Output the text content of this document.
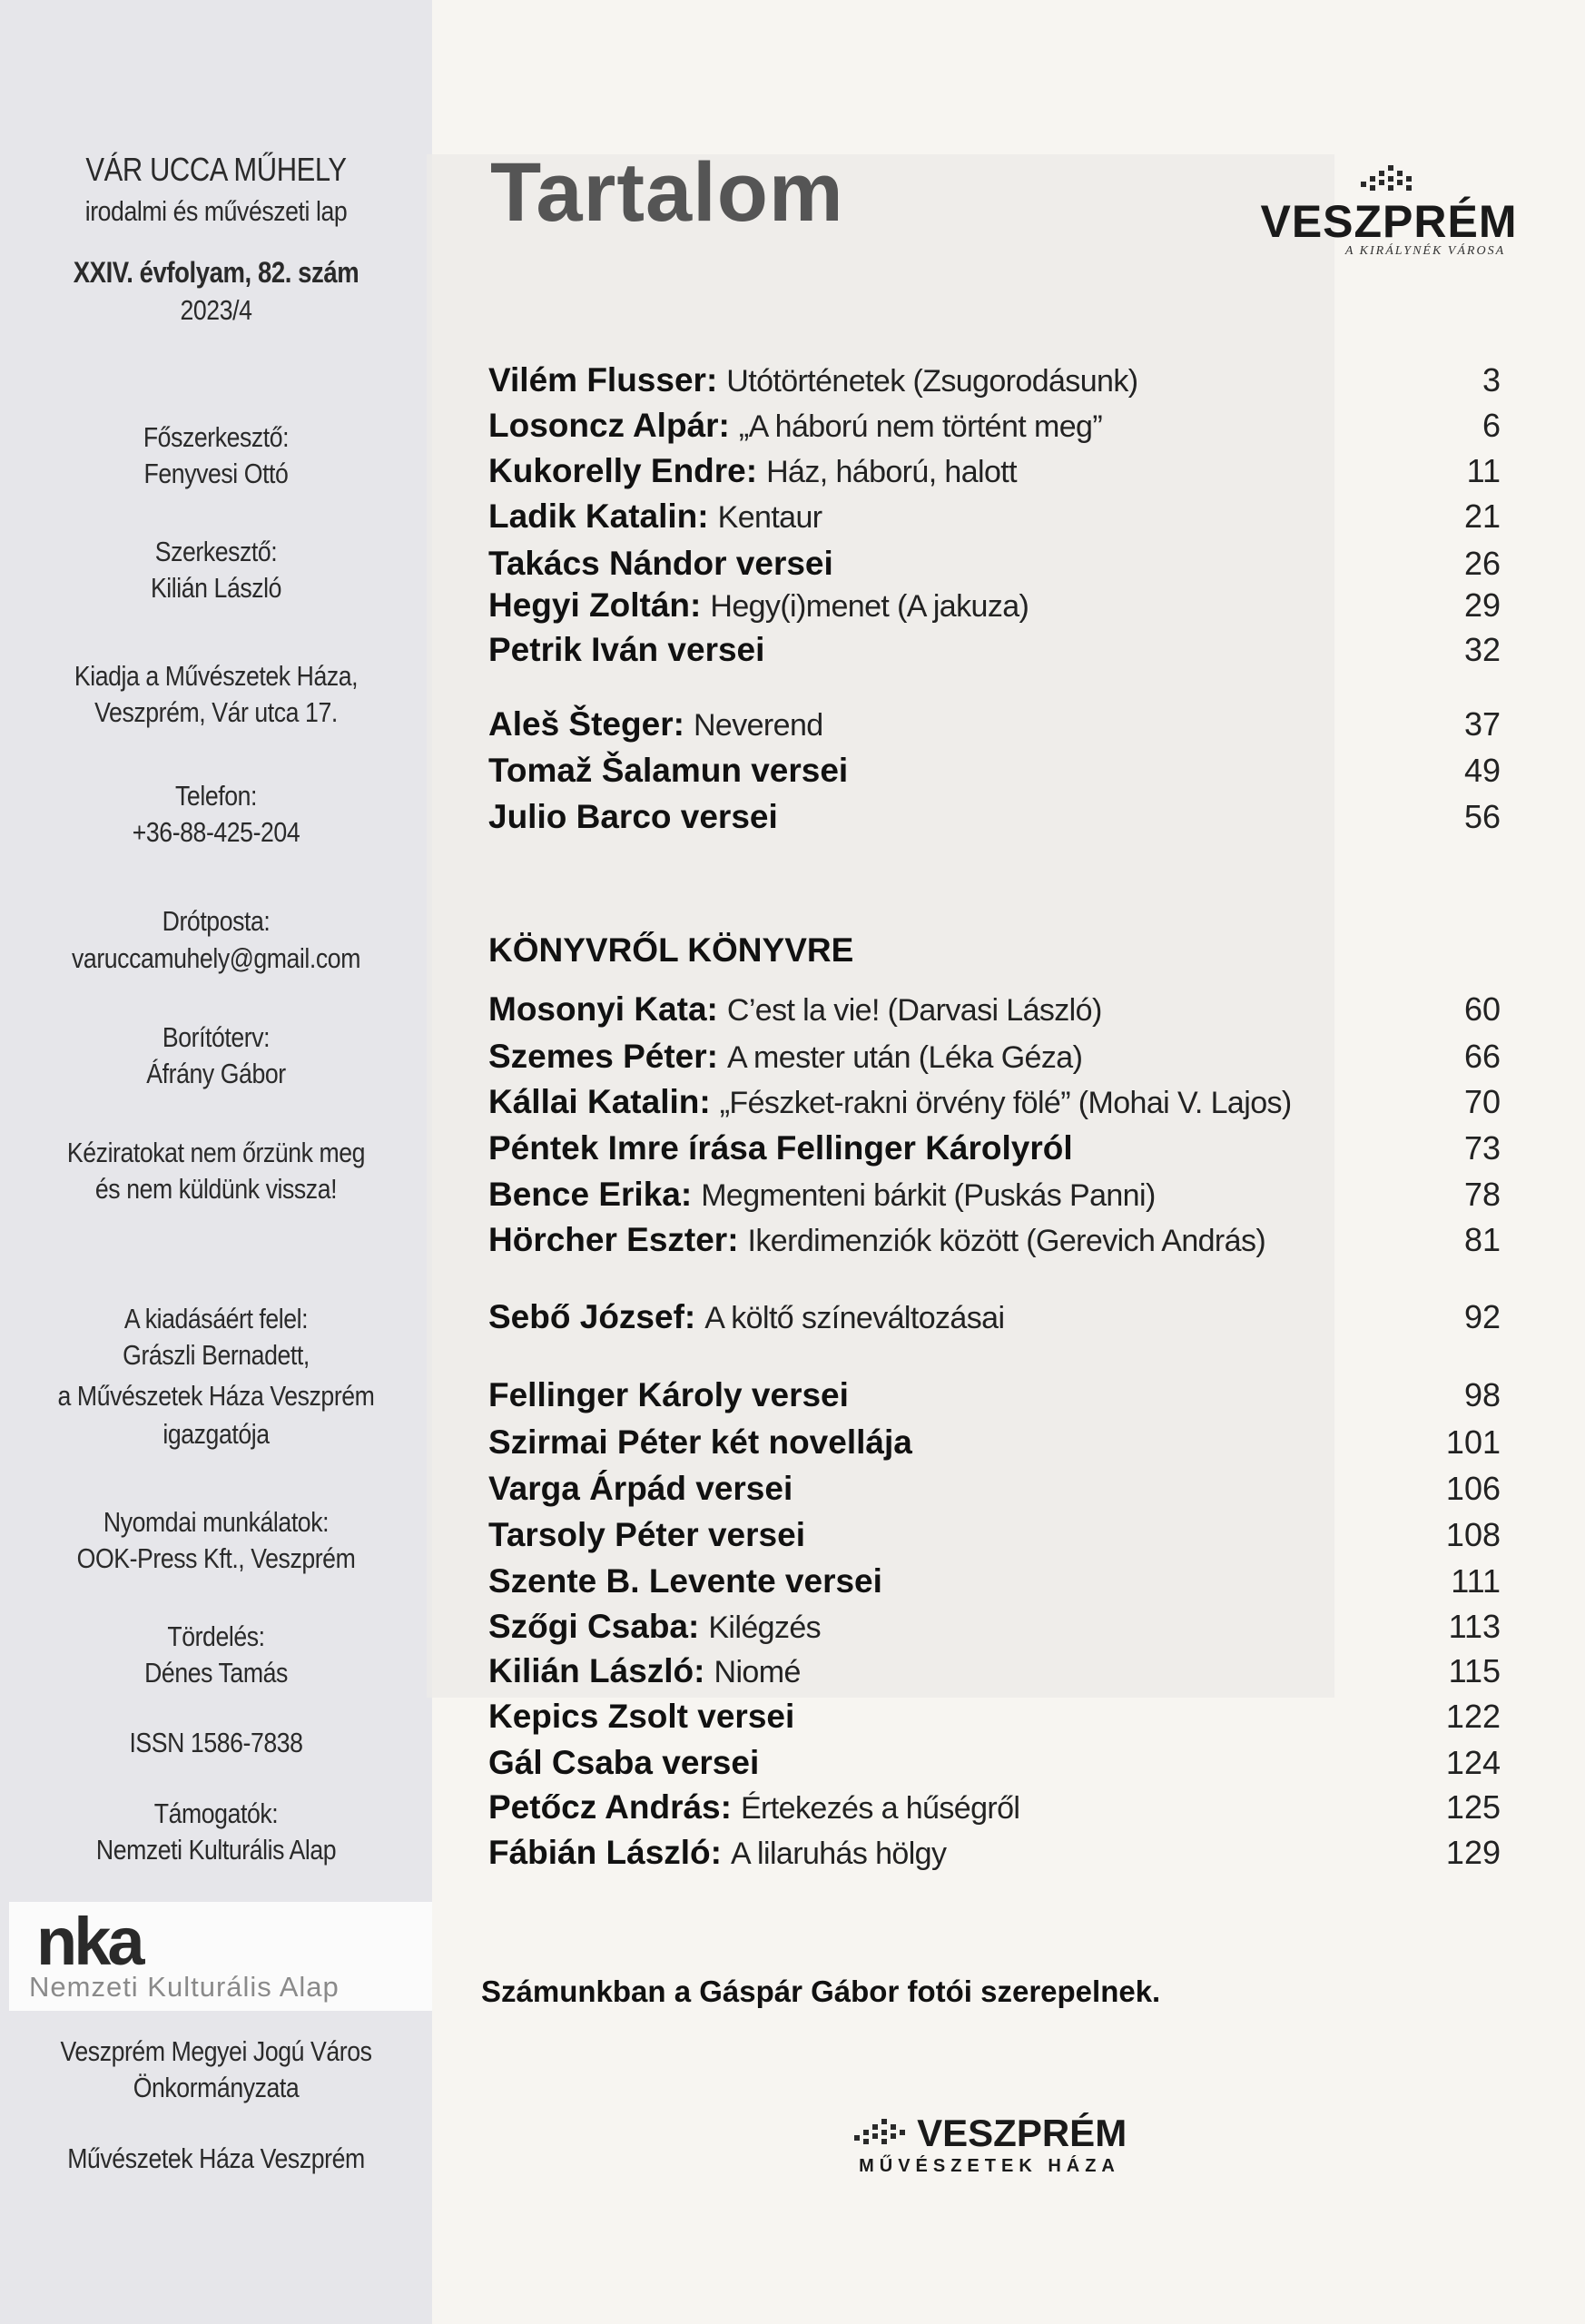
VÁR UCCA MŰHELY
irodalmi és művészeti lap
XXIV. évfolyam, 82. szám
2023/4
Főszerkesztő:
Fenyvesi Ottó
Szerkesztő:
Kilián László
Kiadja a Művészetek Háza,
Veszprém, Vár utca 17.
Telefon:
+36-88-425-204
Drótposta:
varuccamuhely@gmail.com
Borítóterv:
Áfrány Gábor
Kéziratokat nem őrzünk meg
és nem küldünk vissza!
A kiadásáért felel:
Grászli Bernadett,
a Művészetek Háza Veszprém
igazgatója
Nyomdai munkálatok:
OOK-Press Kft., Veszprém
Tördelés:
Dénes Tamás
ISSN 1586-7838
Támogatók:
Nemzeti Kulturális Alap
nka
Nemzeti Kulturális Alap
Veszprém Megyei Jogú Város
Önkormányzata
Művészetek Háza Veszprém
Tartalom	VESZPRÉM
A KIRÁLYNÉK VÁROSA
Vilém Flusser: Utótörténetek (Zsugorodásunk)	3
Losoncz Alpár: „A háború nem történt meg”	6
Kukorelly Endre: Ház, háború, halott	11
Ladik Katalin: Kentaur	21
Takács Nándor versei	26
Hegyi Zoltán: Hegy(i)menet (A jakuza)	29
Petrik Iván versei	32
Aleš Šteger: Neverend	37
Tomaž Šalamun versei	49
Julio Barco versei	56
Mosonyi Kata: C’est la vie! (Darvasi László)	60
Szemes Péter: A mester után (Léka Géza)	66
Kállai Katalin: „Fészket-rakni örvény fölé” (Mohai V. Lajos)	70
Péntek Imre írása Fellinger Károlyról	73
Bence Erika: Megmenteni bárkit (Puskás Panni)	78
Hörcher Eszter: Ikerdimenziók között (Gerevich András)	81
Sebő József: A költő színeváltozásai	92
Fellinger Károly versei	98
Szirmai Péter két novellája	101
Varga Árpád versei	106
Tarsoly Péter versei	108
Szente B. Levente versei	111
Szőgi Csaba: Kilégzés	113
Kilián László: Niomé	115
Kepics Zsolt versei	122
Gál Csaba versei	124
Petőcz András: Értekezés a hűségről	125
Fábián László: A lilaruhás hölgy	129
KÖNYVRŐL KÖNYVRE
Számunkban a Gáspár Gábor fotói szerepelnek.
VESZPRÉM
MŰVÉSZETEK HÁZA
